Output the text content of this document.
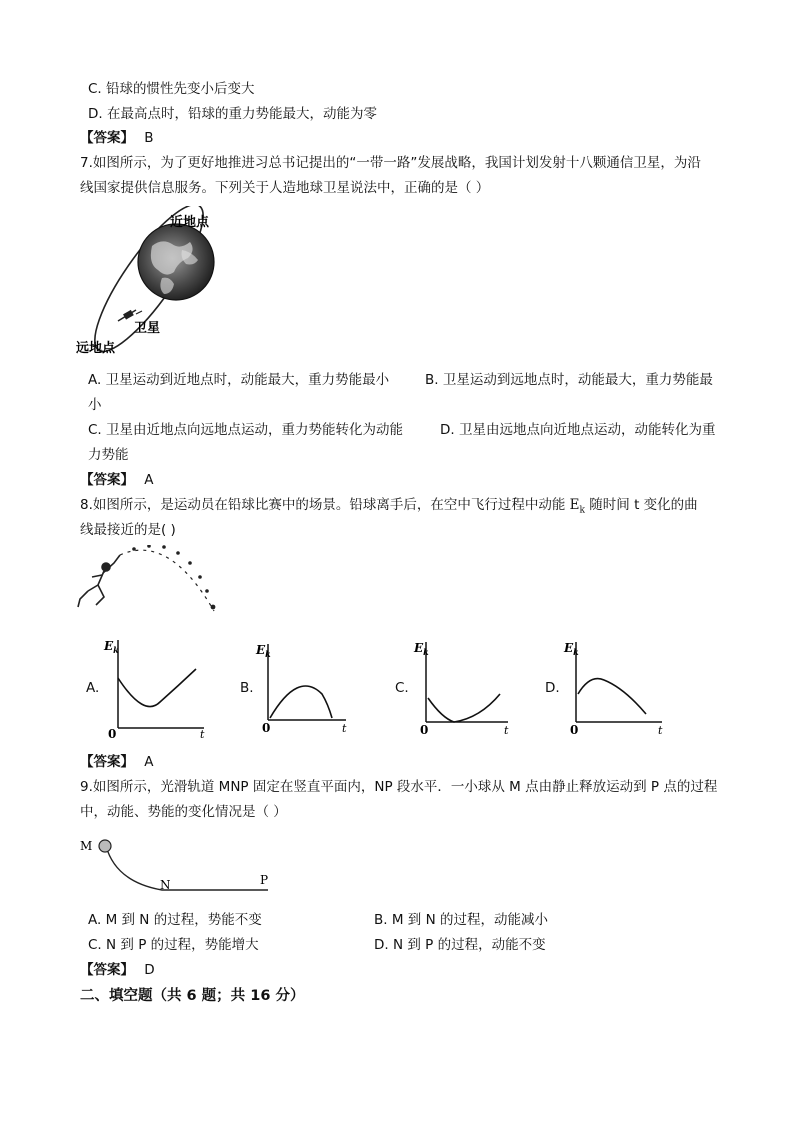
C. 铅球的惯性先变小后变大
D. 在最高点时，铅球的重力势能最大，动能为零
【答案】 B
7.如图所示，为了更好地推进习总书记提出的“一带一路”发展战略，我国计划发射十八颗通信卫星，为沿
线国家提供信息服务。下列关于人造地球卫星说法中，正确的是（ ）
近地点
卫星
远地点
A. 卫星运动到近地点时，动能最大，重力势能最小	B. 卫星运动到远地点时，动能最大，重力势能最
小
C. 卫星由近地点向远地点运动，重力势能转化为动能	D. 卫星由远地点向近地点运动，动能转化为重
力势能
【答案】 A
8.如图所示，是运动员在铅球比赛中的场景。铅球离手后，在空中飞行过程中动能 $E_k$ 随时间 t 变化的曲
线最接近的是( )
A.
$E_k$
0	t
B.
$E_k$
0	t
C.
$E_k$
0	t
D.
$E_k$
0	t
【答案】 A
9.如图所示，光滑轨道 MNP 固定在竖直平面内，NP 段水平．一小球从 M 点由静止释放运动到 P 点的过程
中，动能、势能的变化情况是（ ）
M
N	P
A. M 到 N 的过程，势能不变	B. M 到 N 的过程，动能减小
C. N 到 P 的过程，势能增大	D. N 到 P 的过程，动能不变
【答案】 D
二、填空题（共 6 题；共 16 分）
